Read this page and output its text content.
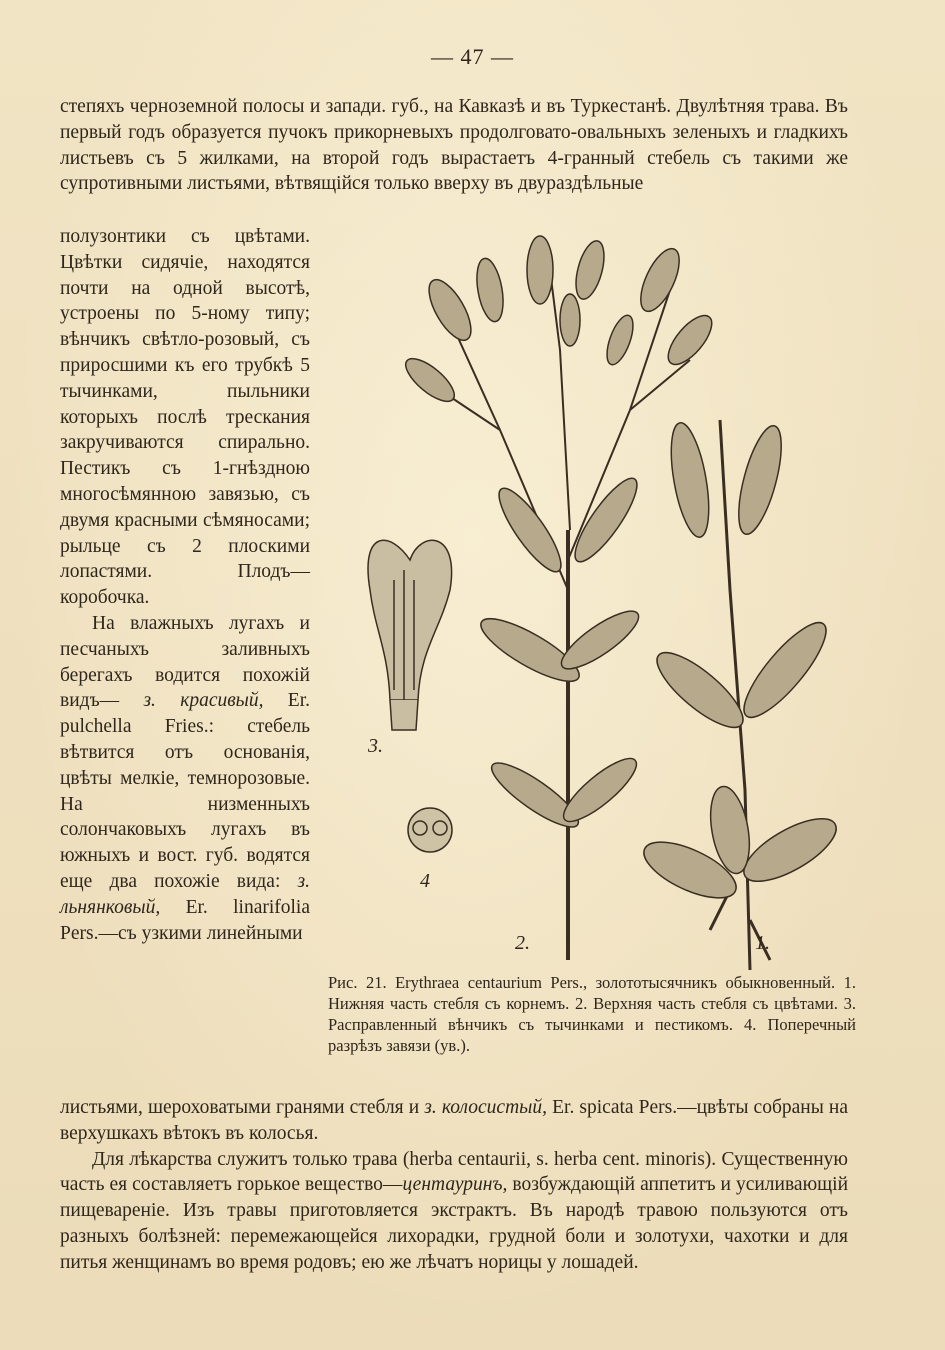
— 47 —

степяхъ черноземной полосы и запади. губ., на Кавказѣ и въ Туркестанѣ. Двулѣтняя трава. Въ первый годъ образуется пучокъ прикорневыхъ продолговато-овальныхъ зеленыхъ и гладкихъ листьевъ съ 5 жилками, на второй годъ вырастаетъ 4-гранный стебель съ такими же супротивными листьями, вѣтвящійся только вверху въ двураздѣльные

полузонтики съ цвѣтами. Цвѣтки сидячіе, находятся почти на одной высотѣ, устроены по 5-ному типу; вѣнчикъ свѣтло-розовый, съ приросшими къ его трубкѣ 5 тычинками, пыльники которыхъ послѣ трескания закручиваются спирально. Пестикъ съ 1-гнѣздною многосѣмянною завязью, съ двумя красными сѣмяносами; рыльце съ 2 плоскими лопастями. Плодъ—коробочка.

На влажныхъ лугахъ и песчаныхъ заливныхъ берегахъ водится похожій видъ— з. красивый, Er. pulchella Fries.: стебель вѣтвится отъ основанія, цвѣты мелкіе, темнорозовые. На низменныхъ солончаковыхъ лугахъ въ южныхъ и вост. губ. водятся еще два похожіе вида: з. льнянковый, Er. linarifolia Pers.—съ узкими линейными

3.
4
2.	1.

Рис. 21. Erythraea centaurium Pers., золототысячникъ обыкновенный. 1. Нижняя часть стебля съ корнемъ. 2. Верхняя часть стебля съ цвѣтами. 3. Расправленный вѣнчикъ съ тычинками и пестикомъ. 4. Поперечный разрѣзъ завязи (ув.).

листьями, шероховатыми гранями стебля и з. колосистый, Er. spicata Pers.—цвѣты собраны на верхушкахъ вѣтокъ въ колосья.

Для лѣкарства служитъ только трава (herba centaurii, s. herba cent. minoris). Существенную часть ея составляетъ горькое вещество—центауринъ, возбуждающій аппетитъ и усиливающій пищевареніе. Изъ травы приготовляется экстрактъ. Въ народѣ травою пользуются отъ разныхъ болѣзней: перемежающейся лихорадки, грудной боли и золотухи, чахотки и для питья женщинамъ во время родовъ; ею же лѣчатъ норицы у лошадей.
